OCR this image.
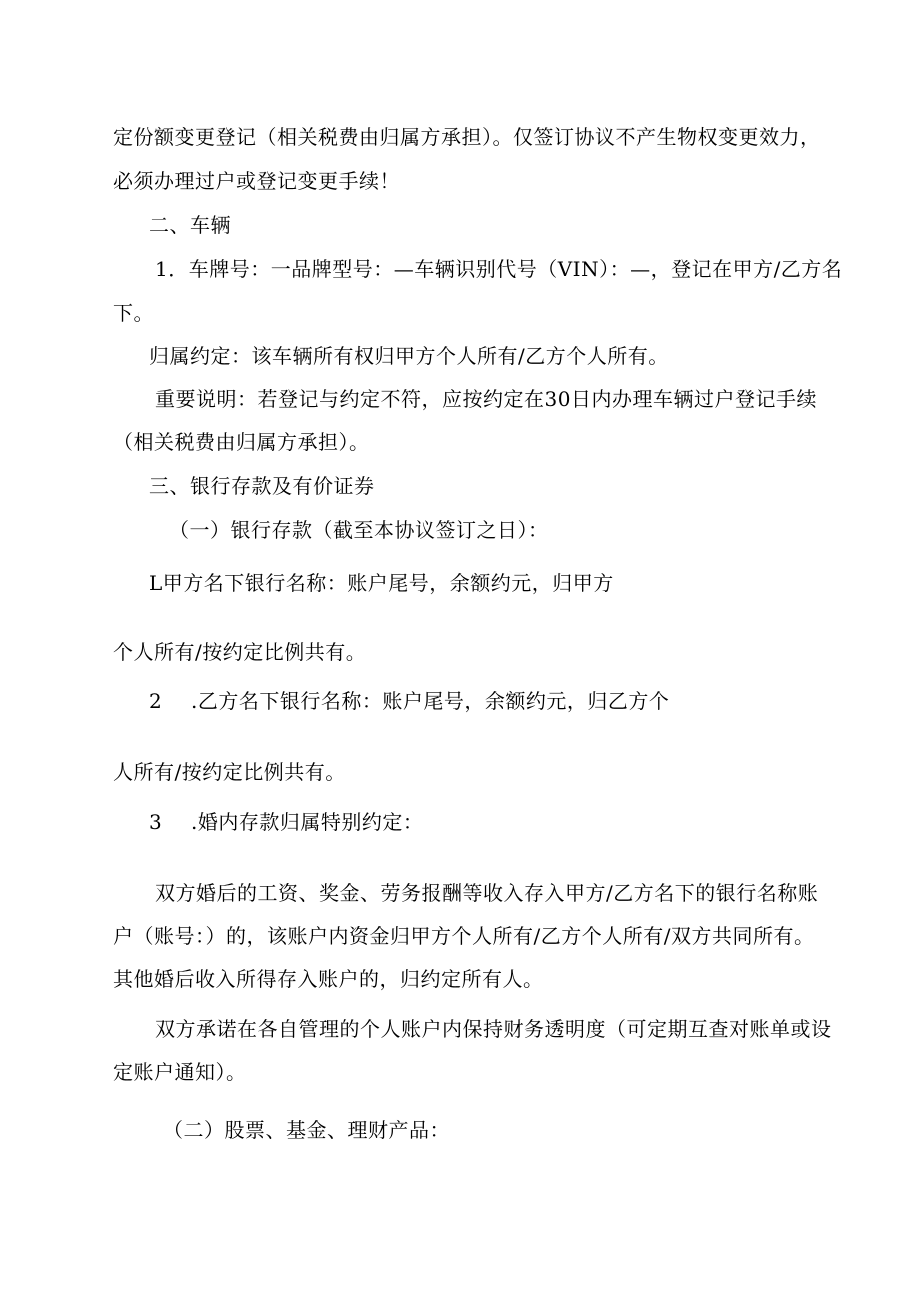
定份额变更登记（相关税费由归属方承担）。仅签订协议不产生物权变更效力，
必须办理过户或登记变更手续！
二、车辆
1．车牌号：一品牌型号：—车辆识别代号（VIN）：—，登记在甲方/乙方名
下。
归属约定：该车辆所有权归甲方个人所有/乙方个人所有。
重要说明：若登记与约定不符，应按约定在30日内办理车辆过户登记手续
（相关税费由归属方承担）。
三、银行存款及有价证券
（一）银行存款（截至本协议签订之日）：
L甲方名下银行名称：账户尾号，余额约元，归甲方
个人所有/按约定比例共有。
2 .乙方名下银行名称：账户尾号，余额约元，归乙方个
人所有/按约定比例共有。
3 .婚内存款归属特别约定：
双方婚后的工资、奖金、劳务报酬等收入存入甲方/乙方名下的银行名称账
户（账号：）的，该账户内资金归甲方个人所有/乙方个人所有/双方共同所有。
其他婚后收入所得存入账户的，归约定所有人。
双方承诺在各自管理的个人账户内保持财务透明度（可定期互查对账单或设
定账户通知）。
（二）股票、基金、理财产品：
